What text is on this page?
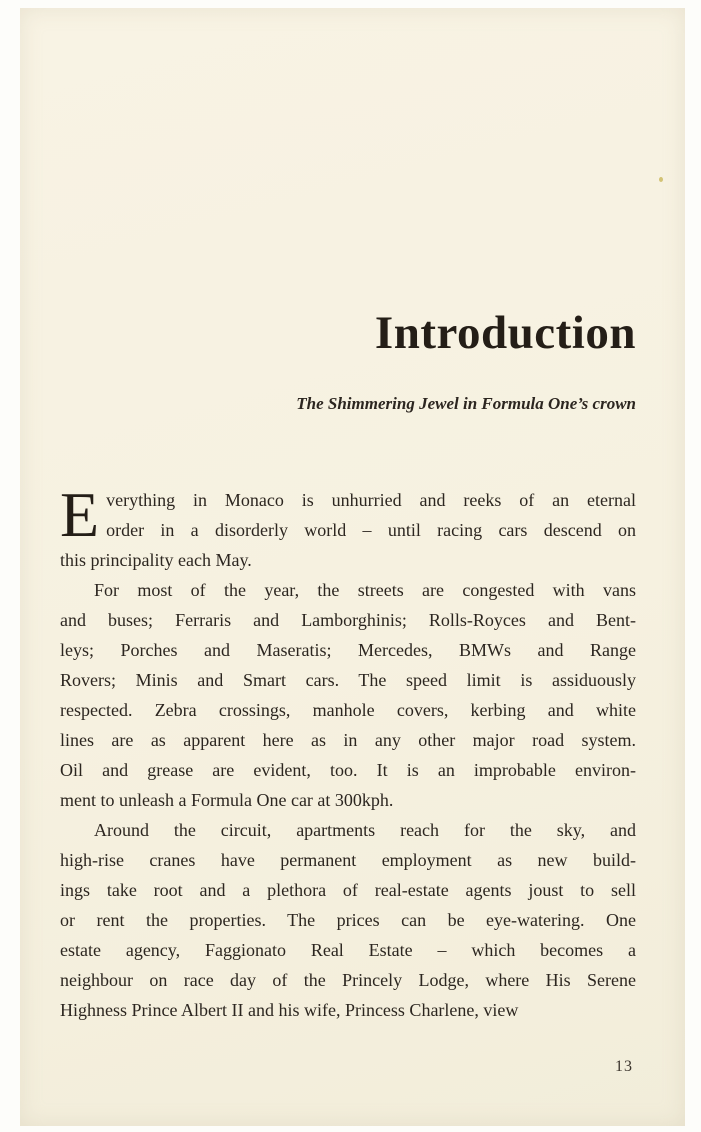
Introduction
The Shimmering Jewel in Formula One’s crown

E verything in Monaco is unhurried and reeks of an eternal
order in a disorderly world – until racing cars descend on
this principality each May.

For most of the year, the streets are congested with vans
and buses; Ferraris and Lamborghinis; Rolls-Royces and Bent-
leys; Porches and Maseratis; Mercedes, BMWs and Range
Rovers; Minis and Smart cars. The speed limit is assiduously
respected. Zebra crossings, manhole covers, kerbing and white
lines are as apparent here as in any other major road system.
Oil and grease are evident, too. It is an improbable environ-
ment to unleash a Formula One car at 300kph.

Around the circuit, apartments reach for the sky, and
high-rise cranes have permanent employment as new build-
ings take root and a plethora of real-estate agents joust to sell
or rent the properties. The prices can be eye-watering. One
estate agency, Faggionato Real Estate – which becomes a
neighbour on race day of the Princely Lodge, where His Serene
Highness Prince Albert II and his wife, Princess Charlene, view

13
